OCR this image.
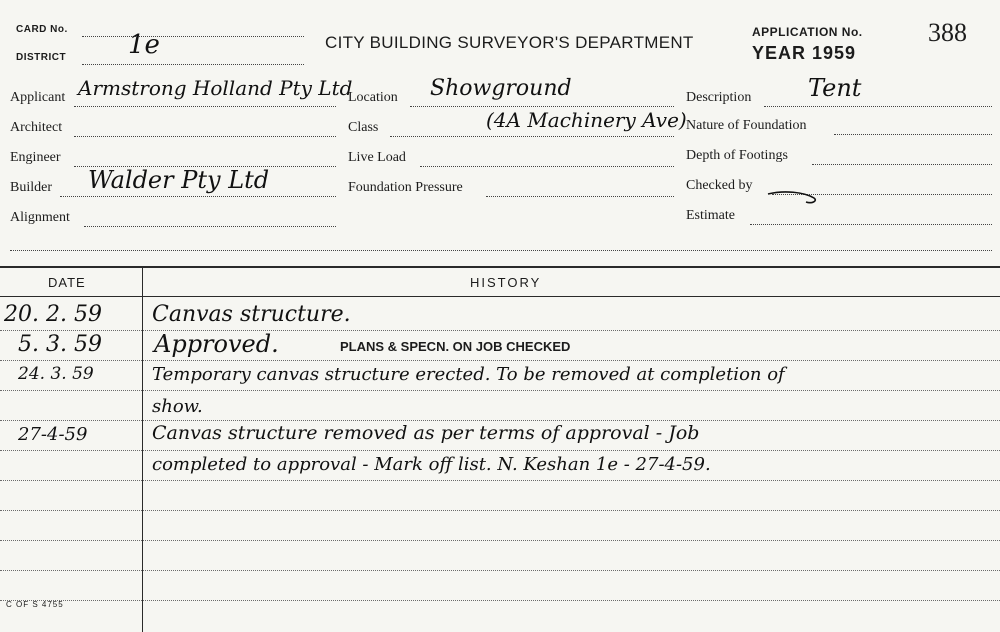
CARD No.
DISTRICT 1e	CITY BUILDING SURVEYOR'S DEPARTMENT
APPLICATION No.	388
YEAR 1959
Applicant Armstrong Holland Pty Ltd
Architect
Engineer
Builder Walder Pty Ltd
Alignment
Location Showground
Class	(4A Machinery Ave)
Live Load
Foundation Pressure
Description Tent
Nature of Foundation
Depth of Footings
Checked by
Estimate
DATE	HISTORY
20. 2. 59 Canvas structure.
5. 3. 59 Approved.	PLANS & SPECN. ON JOB CHECKED
24. 3. 59	Temporary canvas structure erected. To be removed at completion of
show.
27-4-59	Canvas structure removed as per terms of approval - Job
completed to approval - Mark off list. N. Keshan 1e - 27-4-59.
C OF S 4755
